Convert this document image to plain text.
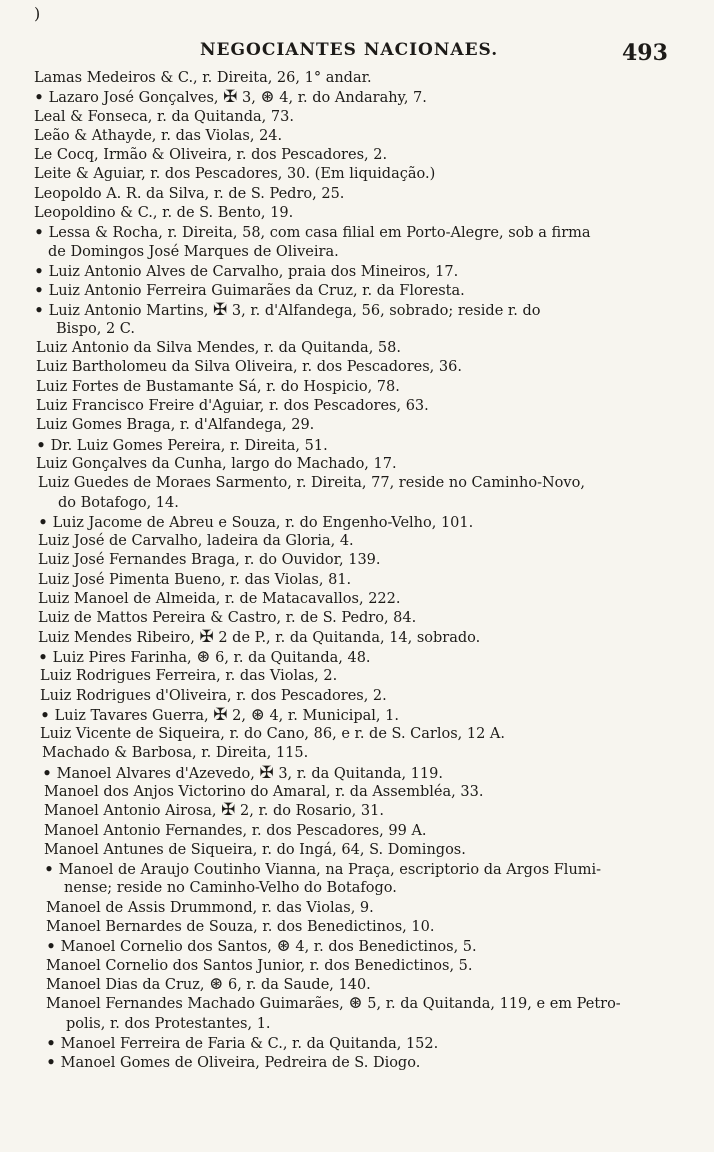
)
NEGOCIANTES NACIONAES.	493
Lamas Medeiros & C., r. Direita, 26, 1° andar.
• Lazaro José Gonçalves, ✠ 3, ⊛ 4, r. do Andarahy, 7.
Leal & Fonseca, r. da Quitanda, 73.
Leão & Athayde, r. das Violas, 24.
Le Cocq, Irmão & Oliveira, r. dos Pescadores, 2.
Leite & Aguiar, r. dos Pescadores, 30. (Em liquidação.)
Leopoldo A. R. da Silva, r. de S. Pedro, 25.
Leopoldino & C., r. de S. Bento, 19.
• Lessa & Rocha, r. Direita, 58, com casa filial em Porto-Alegre, sob a firma
de Domingos José Marques de Oliveira.
• Luiz Antonio Alves de Carvalho, praia dos Mineiros, 17.
• Luiz Antonio Ferreira Guimarães da Cruz, r. da Floresta.
• Luiz Antonio Martins, ✠ 3, r. d'Alfandega, 56, sobrado; reside r. do
Bispo, 2 C.
Luiz Antonio da Silva Mendes, r. da Quitanda, 58.
Luiz Bartholomeu da Silva Oliveira, r. dos Pescadores, 36.
Luiz Fortes de Bustamante Sá, r. do Hospicio, 78.
Luiz Francisco Freire d'Aguiar, r. dos Pescadores, 63.
Luiz Gomes Braga, r. d'Alfandega, 29.
• Dr. Luiz Gomes Pereira, r. Direita, 51.
Luiz Gonçalves da Cunha, largo do Machado, 17.
Luiz Guedes de Moraes Sarmento, r. Direita, 77, reside no Caminho-Novo,
do Botafogo, 14.
• Luiz Jacome de Abreu e Souza, r. do Engenho-Velho, 101.
Luiz José de Carvalho, ladeira da Gloria, 4.
Luiz José Fernandes Braga, r. do Ouvidor, 139.
Luiz José Pimenta Bueno, r. das Violas, 81.
Luiz Manoel de Almeida, r. de Matacavallos, 222.
Luiz de Mattos Pereira & Castro, r. de S. Pedro, 84.
Luiz Mendes Ribeiro, ✠ 2 de P., r. da Quitanda, 14, sobrado.
• Luiz Pires Farinha, ⊛ 6, r. da Quitanda, 48.
Luiz Rodrigues Ferreira, r. das Violas, 2.
Luiz Rodrigues d'Oliveira, r. dos Pescadores, 2.
• Luiz Tavares Guerra, ✠ 2, ⊛ 4, r. Municipal, 1.
Luiz Vicente de Siqueira, r. do Cano, 86, e r. de S. Carlos, 12 A.
Machado & Barbosa, r. Direita, 115.
• Manoel Alvares d'Azevedo, ✠ 3, r. da Quitanda, 119.
Manoel dos Anjos Victorino do Amaral, r. da Assembléa, 33.
Manoel Antonio Airosa, ✠ 2, r. do Rosario, 31.
Manoel Antonio Fernandes, r. dos Pescadores, 99 A.
Manoel Antunes de Siqueira, r. do Ingá, 64, S. Domingos.
• Manoel de Araujo Coutinho Vianna, na Praça, escriptorio da Argos Flumi-
nense; reside no Caminho-Velho do Botafogo.
Manoel de Assis Drummond, r. das Violas, 9.
Manoel Bernardes de Souza, r. dos Benedictinos, 10.
• Manoel Cornelio dos Santos, ⊛ 4, r. dos Benedictinos, 5.
Manoel Cornelio dos Santos Junior, r. dos Benedictinos, 5.
Manoel Dias da Cruz, ⊛ 6, r. da Saude, 140.
Manoel Fernandes Machado Guimarães, ⊛ 5, r. da Quitanda, 119, e em Petro-
polis, r. dos Protestantes, 1.
• Manoel Ferreira de Faria & C., r. da Quitanda, 152.
• Manoel Gomes de Oliveira, Pedreira de S. Diogo.
